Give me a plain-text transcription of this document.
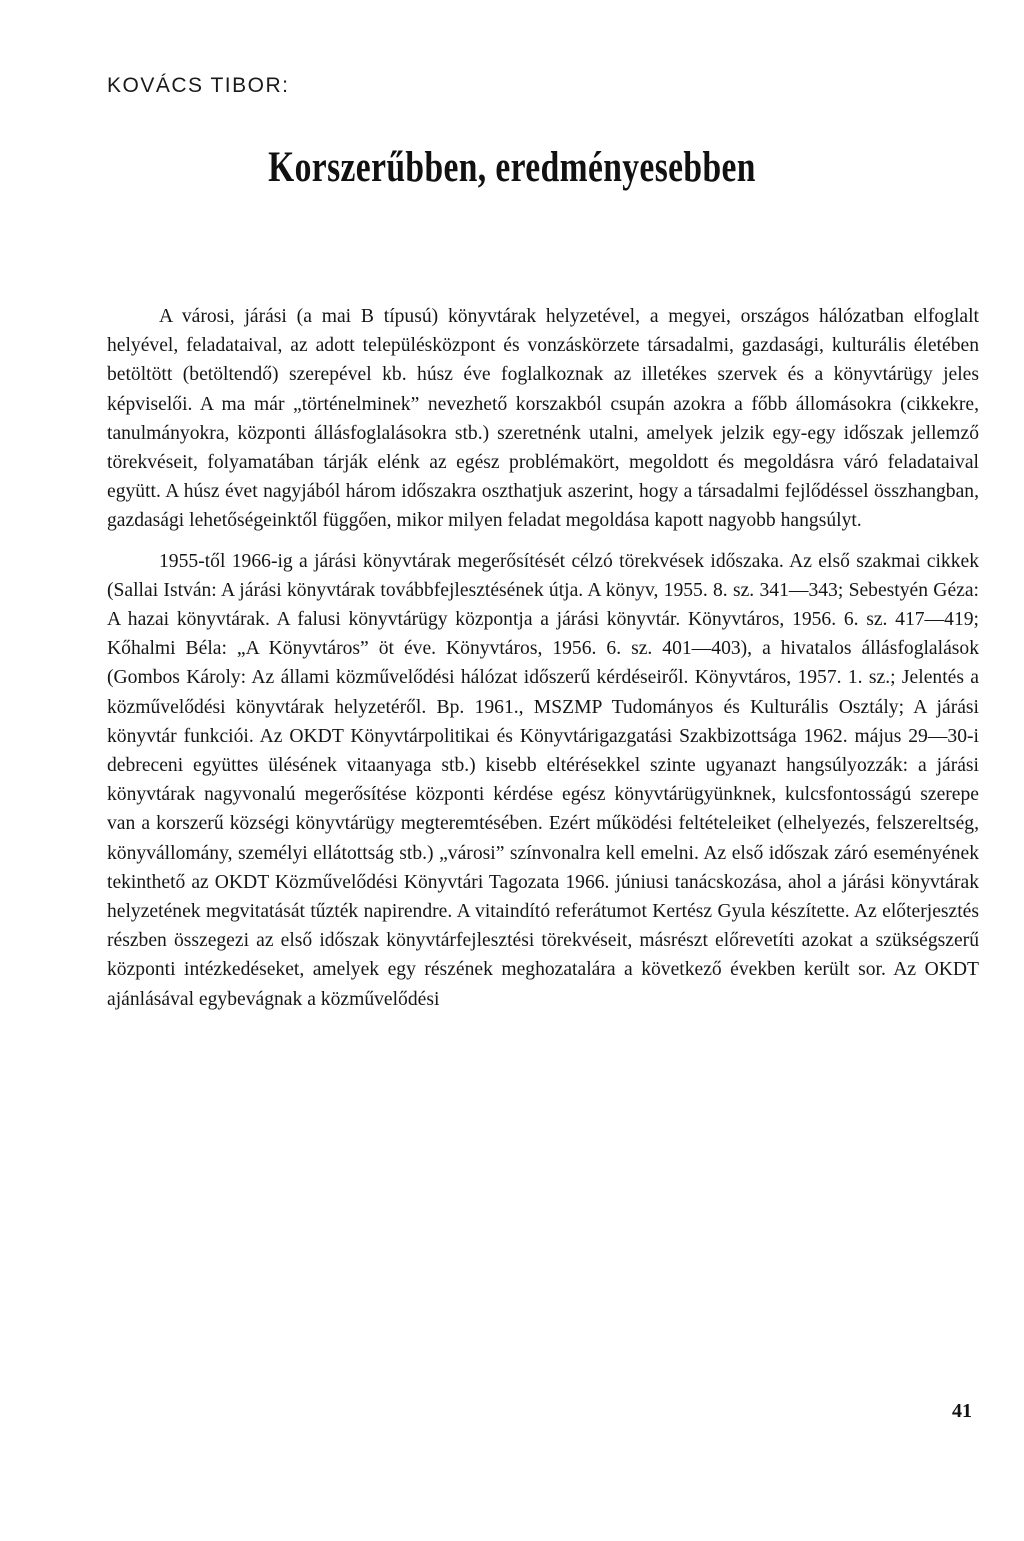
KOVÁCS TIBOR:
Korszerűbben, eredményesebben

A városi, járási (a mai B típusú) könyvtárak helyzetével, a megyei, országos hálózatban elfoglalt helyével, feladataival, az adott településközpont és vonzáskörzete társadalmi, gazdasági, kulturális életében betöltött (betöltendő) szerepével kb. húsz éve foglalkoznak az illetékes szervek és a könyvtárügy jeles képviselői. A ma már „történelminek” nevezhető korszakból csupán azokra a főbb állomásokra (cikkekre, tanulmányokra, központi állásfoglalásokra stb.) szeretnénk utalni, amelyek jelzik egy-egy időszak jellemző törekvéseit, folyamatában tárják elénk az egész problémakört, megoldott és megoldásra váró feladataival együtt. A húsz évet nagyjából három időszakra oszthatjuk aszerint, hogy a társadalmi fejlődéssel összhangban, gazdasági lehetőségeinktől függően, mikor milyen feladat megoldása kapott nagyobb hangsúlyt.

1955-től 1966-ig a járási könyvtárak megerősítését célzó törekvések időszaka. Az első szakmai cikkek (Sallai István: A járási könyvtárak továbbfejlesztésének útja. A könyv, 1955. 8. sz. 341—343; Sebestyén Géza: A hazai könyvtárak. A falusi könyvtárügy központja a járási könyvtár. Könyvtáros, 1956. 6. sz. 417—419; Kőhalmi Béla: „A Könyvtáros” öt éve. Könyvtáros, 1956. 6. sz. 401—403), a hivatalos állásfoglalások (Gombos Károly: Az állami közművelődési hálózat időszerű kérdéseiről. Könyvtáros, 1957. 1. sz.; Jelentés a közművelődési könyvtárak helyzetéről. Bp. 1961., MSZMP Tudományos és Kulturális Osztály; A járási könyvtár funkciói. Az OKDT Könyvtárpolitikai és Könyvtárigazgatási Szakbizottsága 1962. május 29—30-i debreceni együttes ülésének vitaanyaga stb.) kisebb eltérésekkel szinte ugyanazt hangsúlyozzák: a járási könyvtárak nagyvonalú megerősítése központi kérdése egész könyvtárügyünknek, kulcsfontosságú szerepe van a korszerű községi könyvtárügy megteremtésében. Ezért működési feltételeiket (elhelyezés, felszereltség, könyvállomány, személyi ellátottság stb.) „városi” színvonalra kell emelni. Az első időszak záró eseményének tekinthető az OKDT Közművelődési Könyvtári Tagozata 1966. júniusi tanácskozása, ahol a járási könyvtárak helyzetének megvitatását tűzték napirendre. A vitaindító referátumot Kertész Gyula készítette. Az előterjesztés részben összegezi az első időszak könyvtárfejlesztési törekvéseit, másrészt előrevetíti azokat a szükségszerű központi intézkedéseket, amelyek egy részének meghozatalára a következő években került sor. Az OKDT ajánlásával egybevágnak a közművelődési

41
